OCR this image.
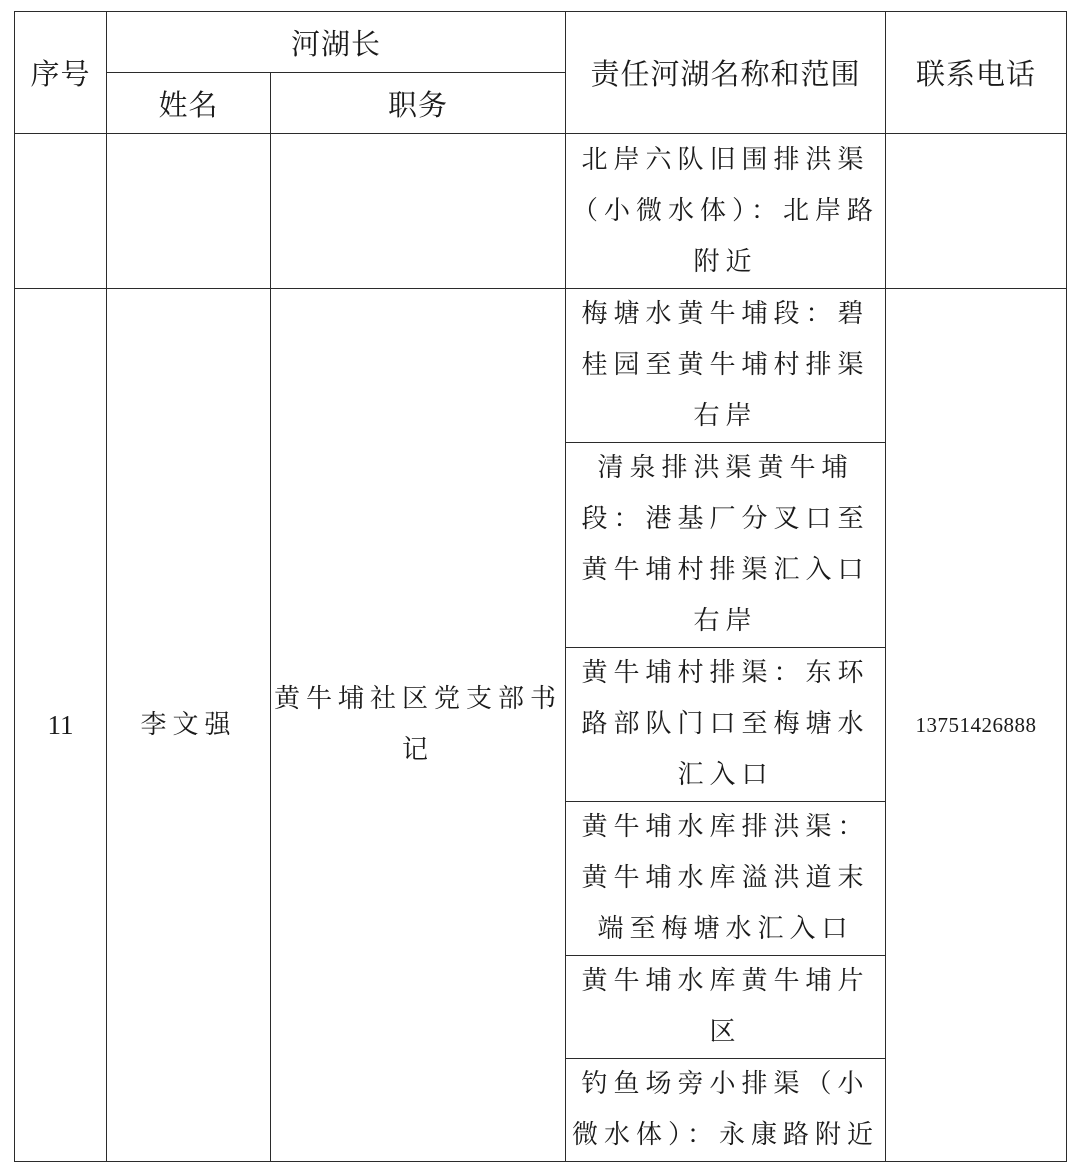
序号	河湖长		责任河湖名称和范围	联系电话
	姓名	职务		
			北岸六队旧围排洪渠（小微水体）：北岸路附近	
11	李文强	黄牛埔社区党支部书记	梅塘水黄牛埔段：碧桂园至黄牛埔村排渠右岸	13751426888
			清泉排洪渠黄牛埔段：港基厂分叉口至黄牛埔村排渠汇入口右岸	
			黄牛埔村排渠：东环路部队门口至梅塘水汇入口	
			黄牛埔水库排洪渠：黄牛埔水库溢洪道末端至梅塘水汇入口	
			黄牛埔水库黄牛埔片区	
			钓鱼场旁小排渠（小微水体）：永康路附近	
